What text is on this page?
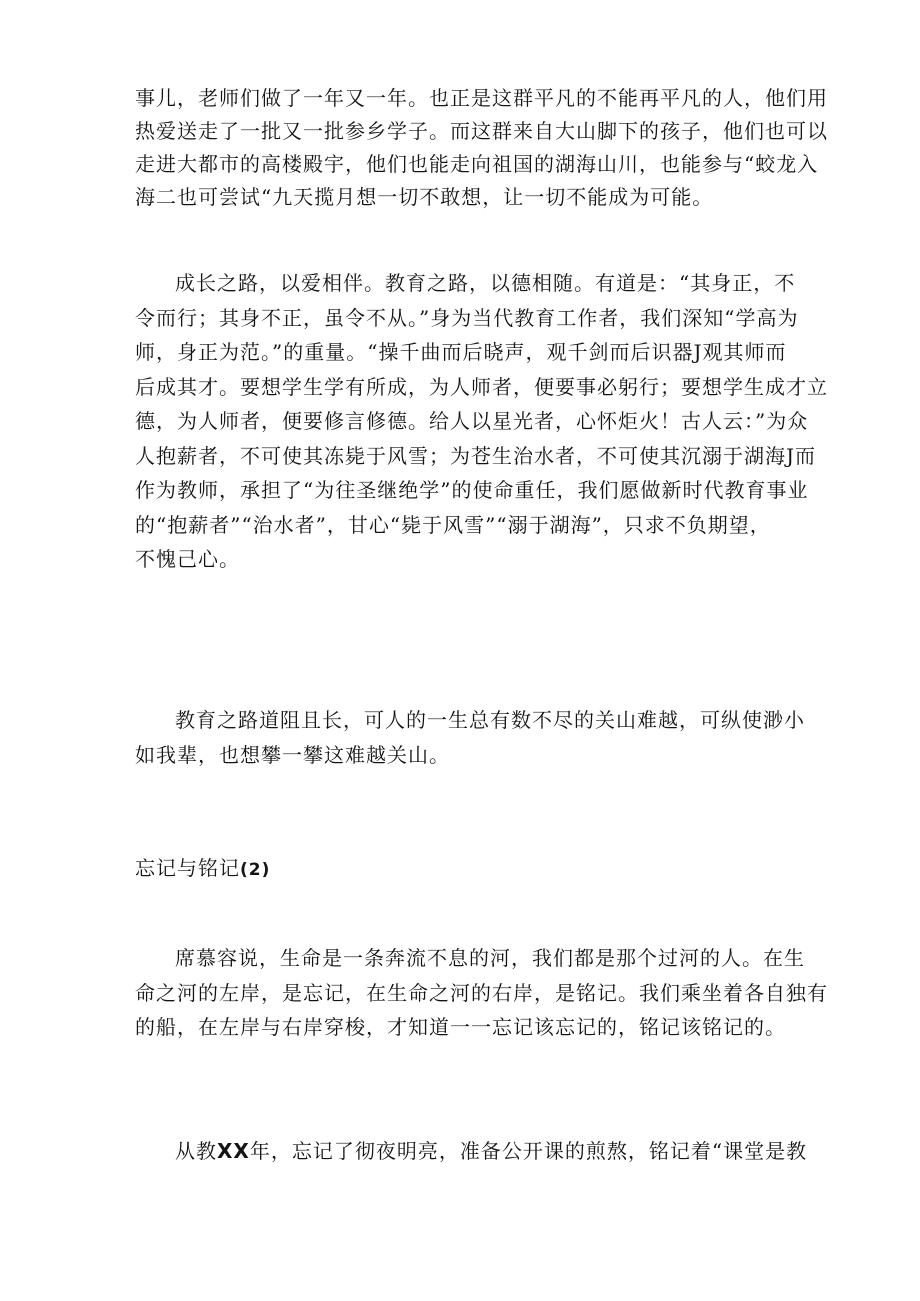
事儿，老师们做了一年又一年。也正是这群平凡的不能再平凡的人，他们用
热爱送走了一批又一批参乡学子。而这群来自大山脚下的孩子，他们也可以
走进大都市的高楼殿宇，他们也能走向祖国的湖海山川，也能参与“蛟龙入
海二也可尝试“九天揽月想一切不敢想，让一切不能成为可能。
成长之路，以爱相伴。教育之路，以德相随。有道是：“其身正，不
令而行；其身不正，虽令不从。”身为当代教育工作者，我们深知“学高为
师，身正为范。”的重量。“操千曲而后晓声，观千剑而后识器J观其师而
后成其才。要想学生学有所成，为人师者，便要事必躬行；要想学生成才立
德，为人师者，便要修言修德。给人以星光者，心怀炬火！古人云：”为众
人抱薪者，不可使其冻毙于风雪；为苍生治水者，不可使其沉溺于湖海J而
作为教师，承担了“为往圣继绝学”的使命重任，我们愿做新时代教育事业
的“抱薪者”“治水者”，甘心“毙于风雪”“溺于湖海”，只求不负期望，
不愧己心。
教育之路道阻且长，可人的一生总有数不尽的关山难越，可纵使渺小
如我辈，也想攀一攀这难越关山。
忘记与铭记(2)
席慕容说，生命是一条奔流不息的河，我们都是那个过河的人。在生
命之河的左岸，是忘记，在生命之河的右岸，是铭记。我们乘坐着各自独有
的船，在左岸与右岸穿梭，才知道一一忘记该忘记的，铭记该铭记的。
从教XX年，忘记了彻夜明亮，准备公开课的煎熬，铭记着“课堂是教
